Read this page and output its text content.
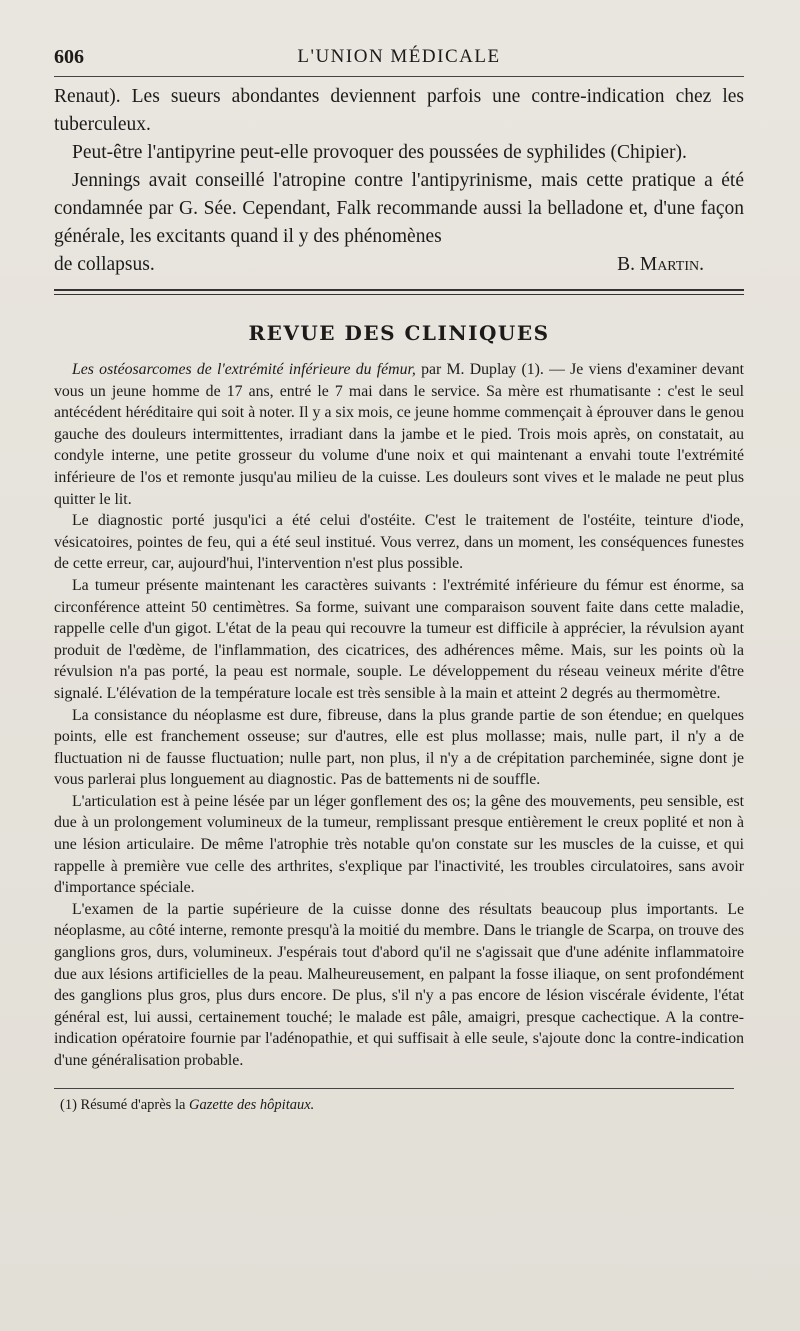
606	L'UNION MÉDICALE

Renaut). Les sueurs abondantes deviennent parfois une contre-indication chez les tuberculeux.

Peut-être l'antipyrine peut-elle provoquer des poussées de syphilides (Chipier).

Jennings avait conseillé l'atropine contre l'antipyrinisme, mais cette pratique a été condamnée par G. Sée. Cependant, Falk recommande aussi la belladone et, d'une façon générale, les excitants quand il y des phénomènes

de collapsus.	B. Martin.
REVUE DES CLINIQUES

Les ostéosarcomes de l'extrémité inférieure du fémur, par M. Duplay (1). — Je viens d'examiner devant vous un jeune homme de 17 ans, entré le 7 mai dans le service. Sa mère est rhumatisante : c'est le seul antécédent héréditaire qui soit à noter. Il y a six mois, ce jeune homme commençait à éprouver dans le genou gauche des douleurs intermittentes, irradiant dans la jambe et le pied. Trois mois après, on constatait, au condyle interne, une petite grosseur du volume d'une noix et qui maintenant a envahi toute l'extrémité inférieure de l'os et remonte jusqu'au milieu de la cuisse. Les douleurs sont vives et le malade ne peut plus quitter le lit.

Le diagnostic porté jusqu'ici a été celui d'ostéite. C'est le traitement de l'ostéite, teinture d'iode, vésicatoires, pointes de feu, qui a été seul institué. Vous verrez, dans un moment, les conséquences funestes de cette erreur, car, aujourd'hui, l'intervention n'est plus possible.

La tumeur présente maintenant les caractères suivants : l'extrémité inférieure du fémur est énorme, sa circonférence atteint 50 centimètres. Sa forme, suivant une comparaison souvent faite dans cette maladie, rappelle celle d'un gigot. L'état de la peau qui recouvre la tumeur est difficile à apprécier, la révulsion ayant produit de l'œdème, de l'inflammation, des cicatrices, des adhérences même. Mais, sur les points où la révulsion n'a pas porté, la peau est normale, souple. Le développement du réseau veineux mérite d'être signalé. L'élévation de la température locale est très sensible à la main et atteint 2 degrés au thermomètre.

La consistance du néoplasme est dure, fibreuse, dans la plus grande partie de son étendue; en quelques points, elle est franchement osseuse; sur d'autres, elle est plus mollasse; mais, nulle part, il n'y a de fluctuation ni de fausse fluctuation; nulle part, non plus, il n'y a de crépitation parcheminée, signe dont je vous parlerai plus longuement au diagnostic. Pas de battements ni de souffle.

L'articulation est à peine lésée par un léger gonflement des os; la gêne des mouvements, peu sensible, est due à un prolongement volumineux de la tumeur, remplissant presque entièrement le creux poplité et non à une lésion articulaire. De même l'atrophie très notable qu'on constate sur les muscles de la cuisse, et qui rappelle à première vue celle des arthrites, s'explique par l'inactivité, les troubles circulatoires, sans avoir d'importance spéciale.

L'examen de la partie supérieure de la cuisse donne des résultats beaucoup plus importants. Le néoplasme, au côté interne, remonte presqu'à la moitié du membre. Dans le triangle de Scarpa, on trouve des ganglions gros, durs, volumineux. J'espérais tout d'abord qu'il ne s'agissait que d'une adénite inflammatoire due aux lésions artificielles de la peau. Malheureusement, en palpant la fosse iliaque, on sent profondément des ganglions plus gros, plus durs encore. De plus, s'il n'y a pas encore de lésion viscérale évidente, l'état général est, lui aussi, certainement touché; le malade est pâle, amaigri, presque cachectique. A la contre-indication opératoire fournie par l'adénopathie, et qui suffisait à elle seule, s'ajoute donc la contre-indication d'une généralisation probable.

(1) Résumé d'après la Gazette des hôpitaux.
